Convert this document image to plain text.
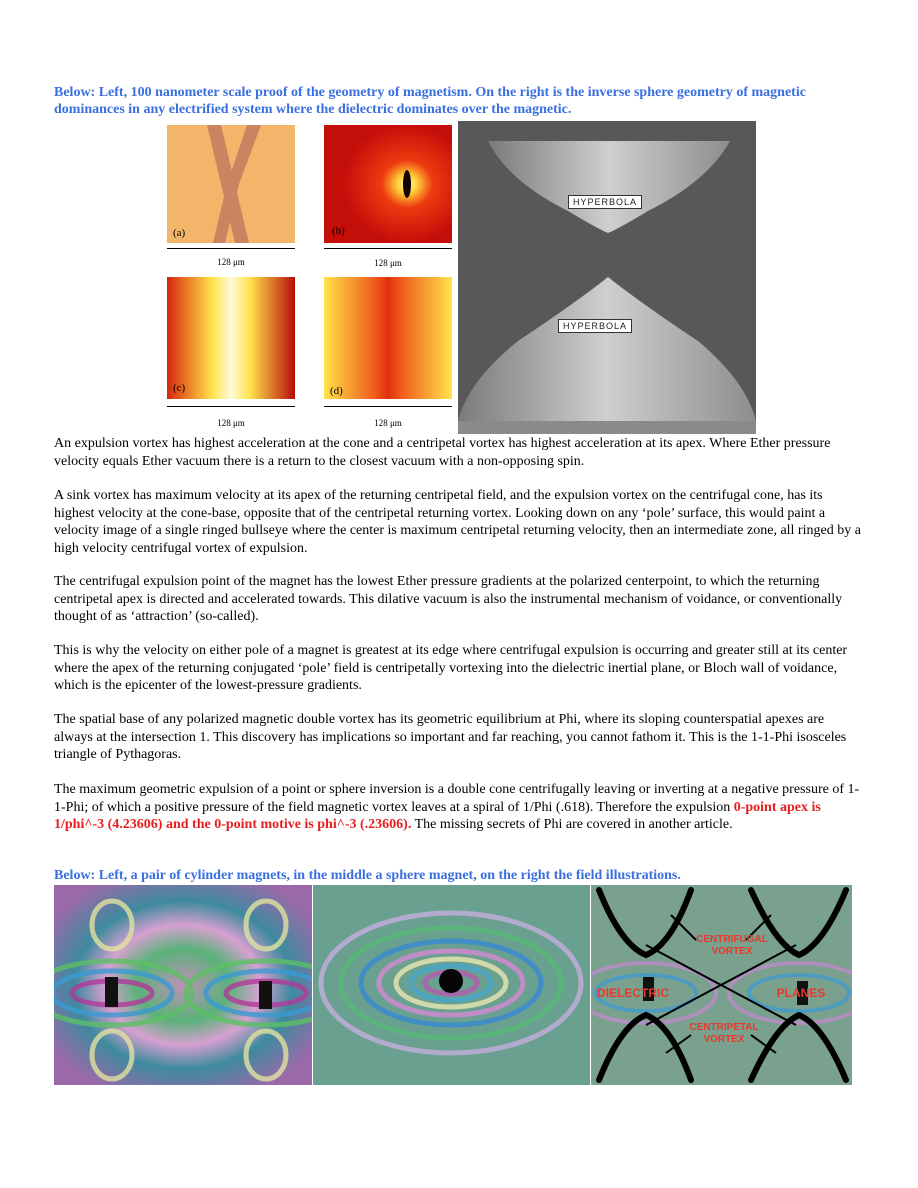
Below: Left, 100 nanometer scale proof of the geometry of magnetism. On the right is the inverse sphere geometry of magnetic dominances in any electrified system where the dielectric dominates over the magnetic.
(a)	(b)
128 μm	128 μm
(c)	(d)
128 μm	128 μm
HYPERBOLA
HYPERBOLA
An expulsion vortex has highest acceleration at the cone and a centripetal vortex has highest acceleration at its apex. Where Ether pressure velocity equals Ether vacuum there is a return to the closest vacuum with a non-opposing spin.
A sink vortex has maximum velocity at its apex of the returning centripetal field, and the expulsion vortex on the centrifugal cone, has its highest velocity at the cone-base, opposite that of the centripetal returning vortex. Looking down on any ‘pole’ surface, this would paint a velocity image of a single ringed bullseye where the center is maximum centripetal returning velocity, then an intermediate zone, all ringed by a high velocity centrifugal vortex of expulsion.
The centrifugal expulsion point of the magnet has the lowest Ether pressure gradients at the polarized centerpoint, to which the returning centripetal apex is directed and accelerated towards. This dilative vacuum is also the instrumental mechanism of voidance, or conventionally thought of as ‘attraction’ (so-called).
This is why the velocity on either pole of a magnet is greatest at its edge where centrifugal expulsion is occurring and greater still at its center where the apex of the returning conjugated ‘pole’ field is centripetally vortexing into the dielectric inertial plane, or Bloch wall of voidance, which is the epicenter of the lowest-pressure gradients.
The spatial base of any polarized magnetic double vortex has its geometric equilibrium at Phi, where its sloping counterspatial apexes are always at the intersection 1. This discovery has implications so important and far reaching, you cannot fathom it. This is the 1-1-Phi isosceles triangle of Pythagoras.
The maximum geometric expulsion of a point or sphere inversion is a double cone centrifugally leaving or inverting at a negative pressure of 1-1-Phi; of which a positive pressure of the field magnetic vortex leaves at a spiral of 1/Phi (.618). Therefore the expulsion 0-point apex is 1/phi^-3 (4.23606) and the 0-point motive is phi^-3 (.23606). The missing secrets of Phi are covered in another article.
Below: Left, a pair of cylinder magnets, in the middle a sphere magnet, on the right the field illustrations.
CENTRIFUGAL VORTEX
DIELECTRIC	PLANES
CENTRIPETAL VORTEX
